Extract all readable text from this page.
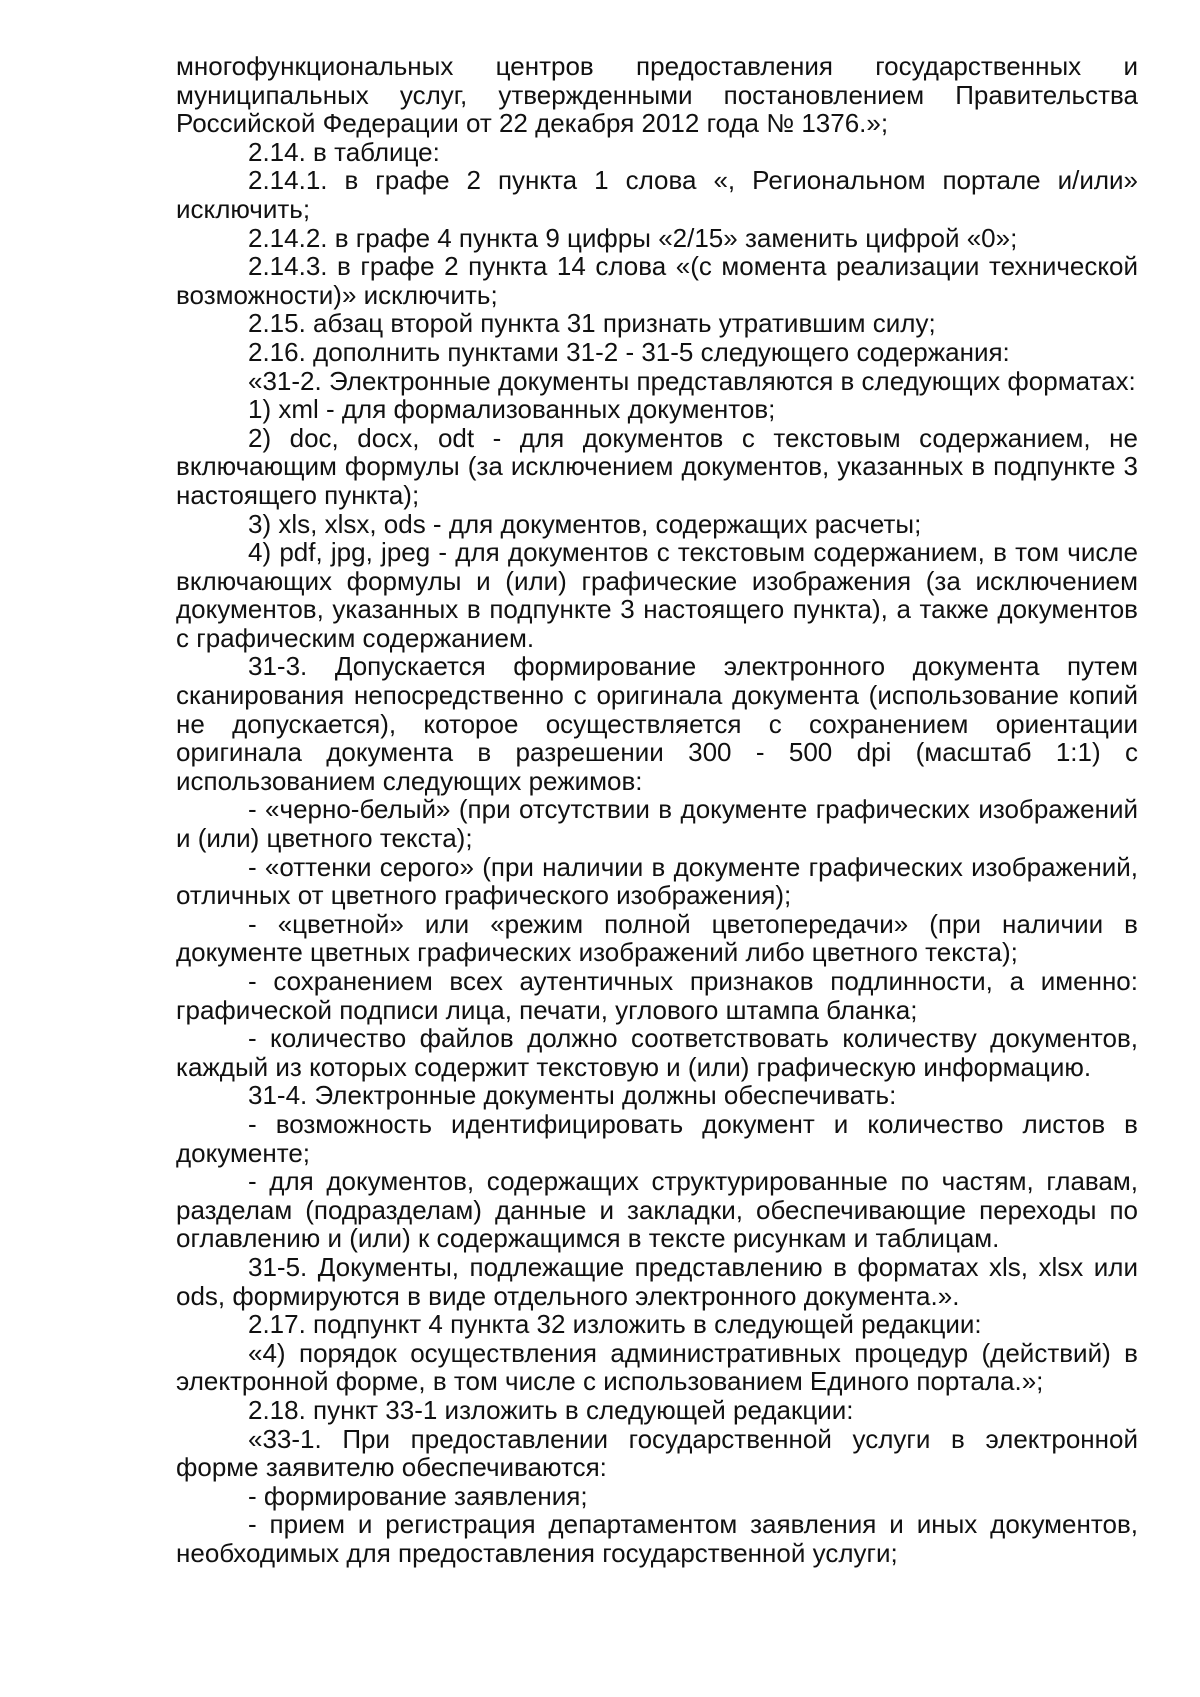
многофункциональных центров предоставления государственных и муниципальных услуг, утвержденными постановлением Правительства Российской Федерации от 22 декабря 2012 года № 1376.»;

2.14. в таблице:

2.14.1. в графе 2 пункта 1 слова «, Региональном портале и/или» исключить;

2.14.2. в графе 4 пункта 9 цифры «2/15» заменить цифрой «0»;

2.14.3. в графе 2 пункта 14 слова «(с момента реализации технической возможности)» исключить;

2.15. абзац второй пункта 31 признать утратившим силу;

2.16. дополнить пунктами 31-2 - 31-5 следующего содержания:

«31-2. Электронные документы представляются в следующих форматах:

1) xml - для формализованных документов;

2) doc, docx, odt - для документов с текстовым содержанием, не включающим формулы (за исключением документов, указанных в подпункте 3 настоящего пункта);

3) xls, xlsx, ods - для документов, содержащих расчеты;

4) pdf, jpg, jpeg - для документов с текстовым содержанием, в том числе включающих формулы и (или) графические изображения (за исключением документов, указанных в подпункте 3 настоящего пункта), а также документов с графическим содержанием.

31-3. Допускается формирование электронного документа путем сканирования непосредственно с оригинала документа (использование копий не допускается), которое осуществляется с сохранением ориентации оригинала документа в разрешении 300 - 500 dpi (масштаб 1:1) с использованием следующих режимов:

- «черно-белый» (при отсутствии в документе графических изображений и (или) цветного текста);

- «оттенки серого» (при наличии в документе графических изображений, отличных от цветного графического изображения);

- «цветной» или «режим полной цветопередачи» (при наличии в документе цветных графических изображений либо цветного текста);

- сохранением всех аутентичных признаков подлинности, а именно: графической подписи лица, печати, углового штампа бланка;

- количество файлов должно соответствовать количеству документов, каждый из которых содержит текстовую и (или) графическую информацию.

31-4. Электронные документы должны обеспечивать:

- возможность идентифицировать документ и количество листов в документе;

- для документов, содержащих структурированные по частям, главам, разделам (подразделам) данные и закладки, обеспечивающие переходы по оглавлению и (или) к содержащимся в тексте рисункам и таблицам.

31-5. Документы, подлежащие представлению в форматах xls, xlsx или ods, формируются в виде отдельного электронного документа.».

2.17. подпункт 4 пункта 32 изложить в следующей редакции:

«4) порядок осуществления административных процедур (действий) в электронной форме, в том числе с использованием Единого портала.»;

2.18. пункт 33-1 изложить в следующей редакции:

«33-1. При предоставлении государственной услуги в электронной форме заявителю обеспечиваются:

- формирование заявления;

- прием и регистрация департаментом заявления и иных документов, необходимых для предоставления государственной услуги;
